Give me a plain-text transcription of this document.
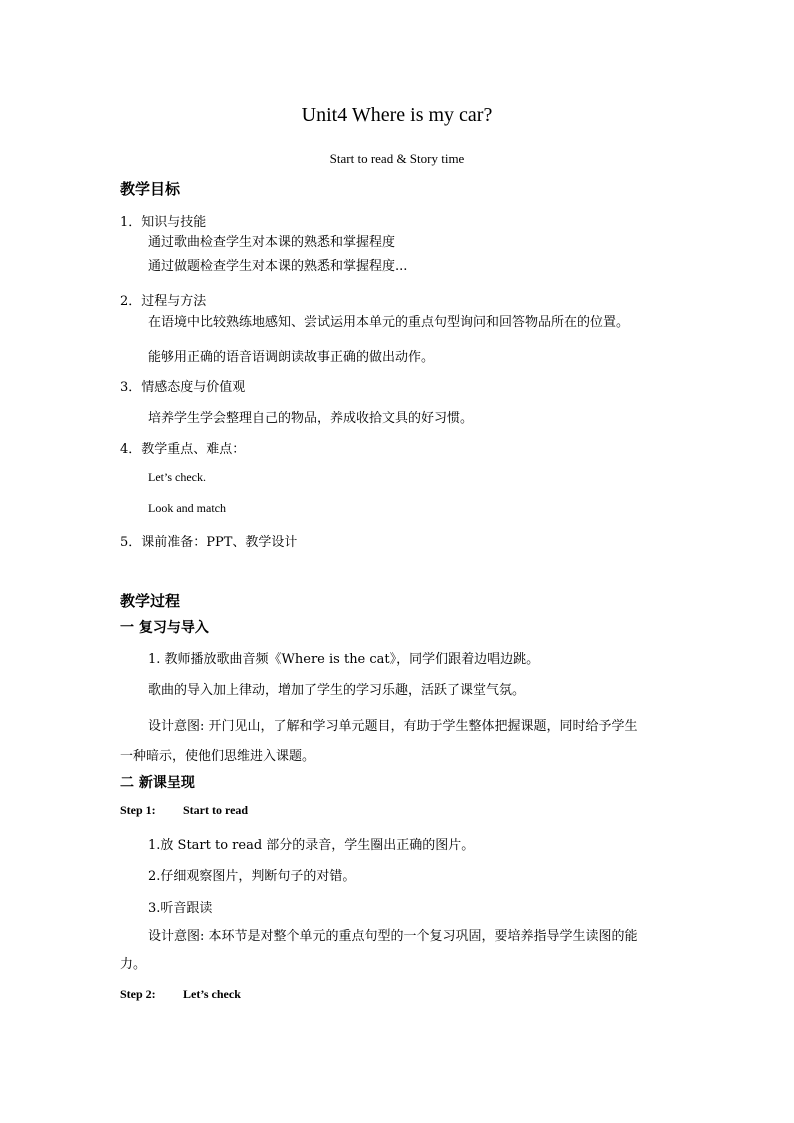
Unit4 Where is my car?
Start to read & Story time
教学目标
1．知识与技能
通过歌曲检查学生对本课的熟悉和掌握程度
通过做题检查学生对本课的熟悉和掌握程度...
2．过程与方法
在语境中比较熟练地感知、尝试运用本单元的重点句型询问和回答物品所在的位置。
能够用正确的语音语调朗读故事正确的做出动作。
3．情感态度与价值观
培养学生学会整理自己的物品，养成收拾文具的好习惯。
4．教学重点、难点：
Let’s check.
Look and match
5．课前准备：PPT、教学设计
教学过程
一 复习与导入
1. 教师播放歌曲音频《Where is the cat》，同学们跟着边唱边跳。
歌曲的导入加上律动，增加了学生的学习乐趣，活跃了课堂气氛。
设计意图: 开门见山，了解和学习单元题目，有助于学生整体把握课题，同时给予学生
一种暗示，使他们思维进入课题。
二 新课呈现
Step 1: Start to read
1.放 Start to read 部分的录音，学生圈出正确的图片。
2.仔细观察图片，判断句子的对错。
3.听音跟读
设计意图: 本环节是对整个单元的重点句型的一个复习巩固，要培养指导学生读图的能
力。
Step 2: Let’s check
